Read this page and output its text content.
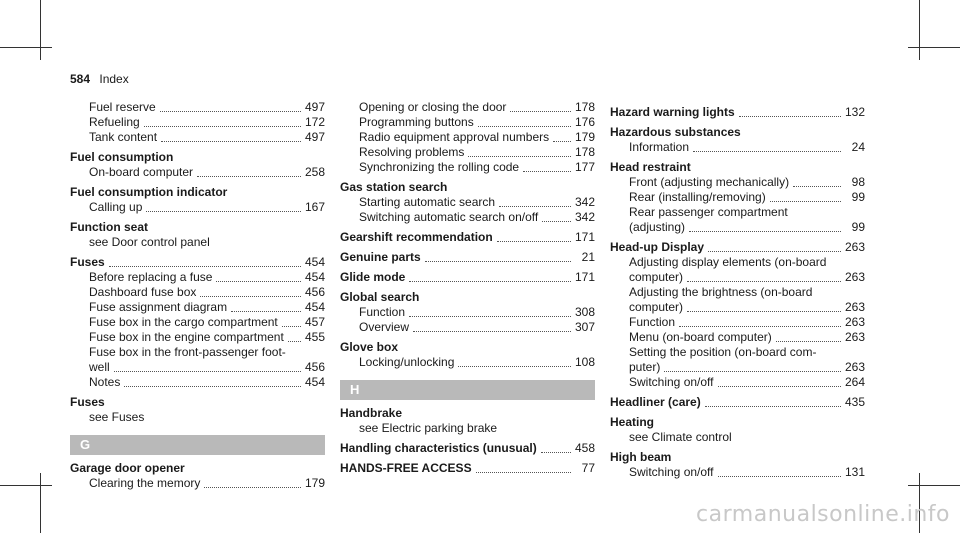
584 Index
Fuel reserve	497
Refueling	172
Tank content	497
Fuel consumption
On-board computer	258
Fuel consumption indicator
Calling up	167
Function seat
see Door control panel
Fuses	454
Before replacing a fuse	454
Dashboard fuse box	456
Fuse assignment diagram	454
Fuse box in the cargo compartment 457
Fuse box in the engine compartment 455
Fuse box in the front-passenger foot-
well	456
Notes	454
Fuses
see Fuses
G
Garage door opener
Clearing the memory	179
Opening or closing the door	178
Programming buttons	176
Radio equipment approval numbers 179
Resolving problems	178
Synchronizing the rolling code	177
Gas station search
Starting automatic search	342
Switching automatic search on/off	342
Gearshift recommendation	171
Genuine parts	21
Glide mode	171
Global search
Function	308
Overview	307
Glove box
Locking/unlocking	108
H
Handbrake
see Electric parking brake
Handling characteristics (unusual)	458
HANDS-FREE ACCESS	77
Hazard warning lights	132
Hazardous substances
Information	24
Head restraint
Front (adjusting mechanically)	98
Rear (installing/removing)	99
Rear passenger compartment
(adjusting)	99
Head-up Display	263
Adjusting display elements (on-board
computer)	263
Adjusting the brightness (on-board
computer)	263
Function	263
Menu (on-board computer)	263
Setting the position (on-board com-
puter)	263
Switching on/off	264
Headliner (care)	435
Heating
see Climate control
High beam
Switching on/off	131
carmanualsonline.info
